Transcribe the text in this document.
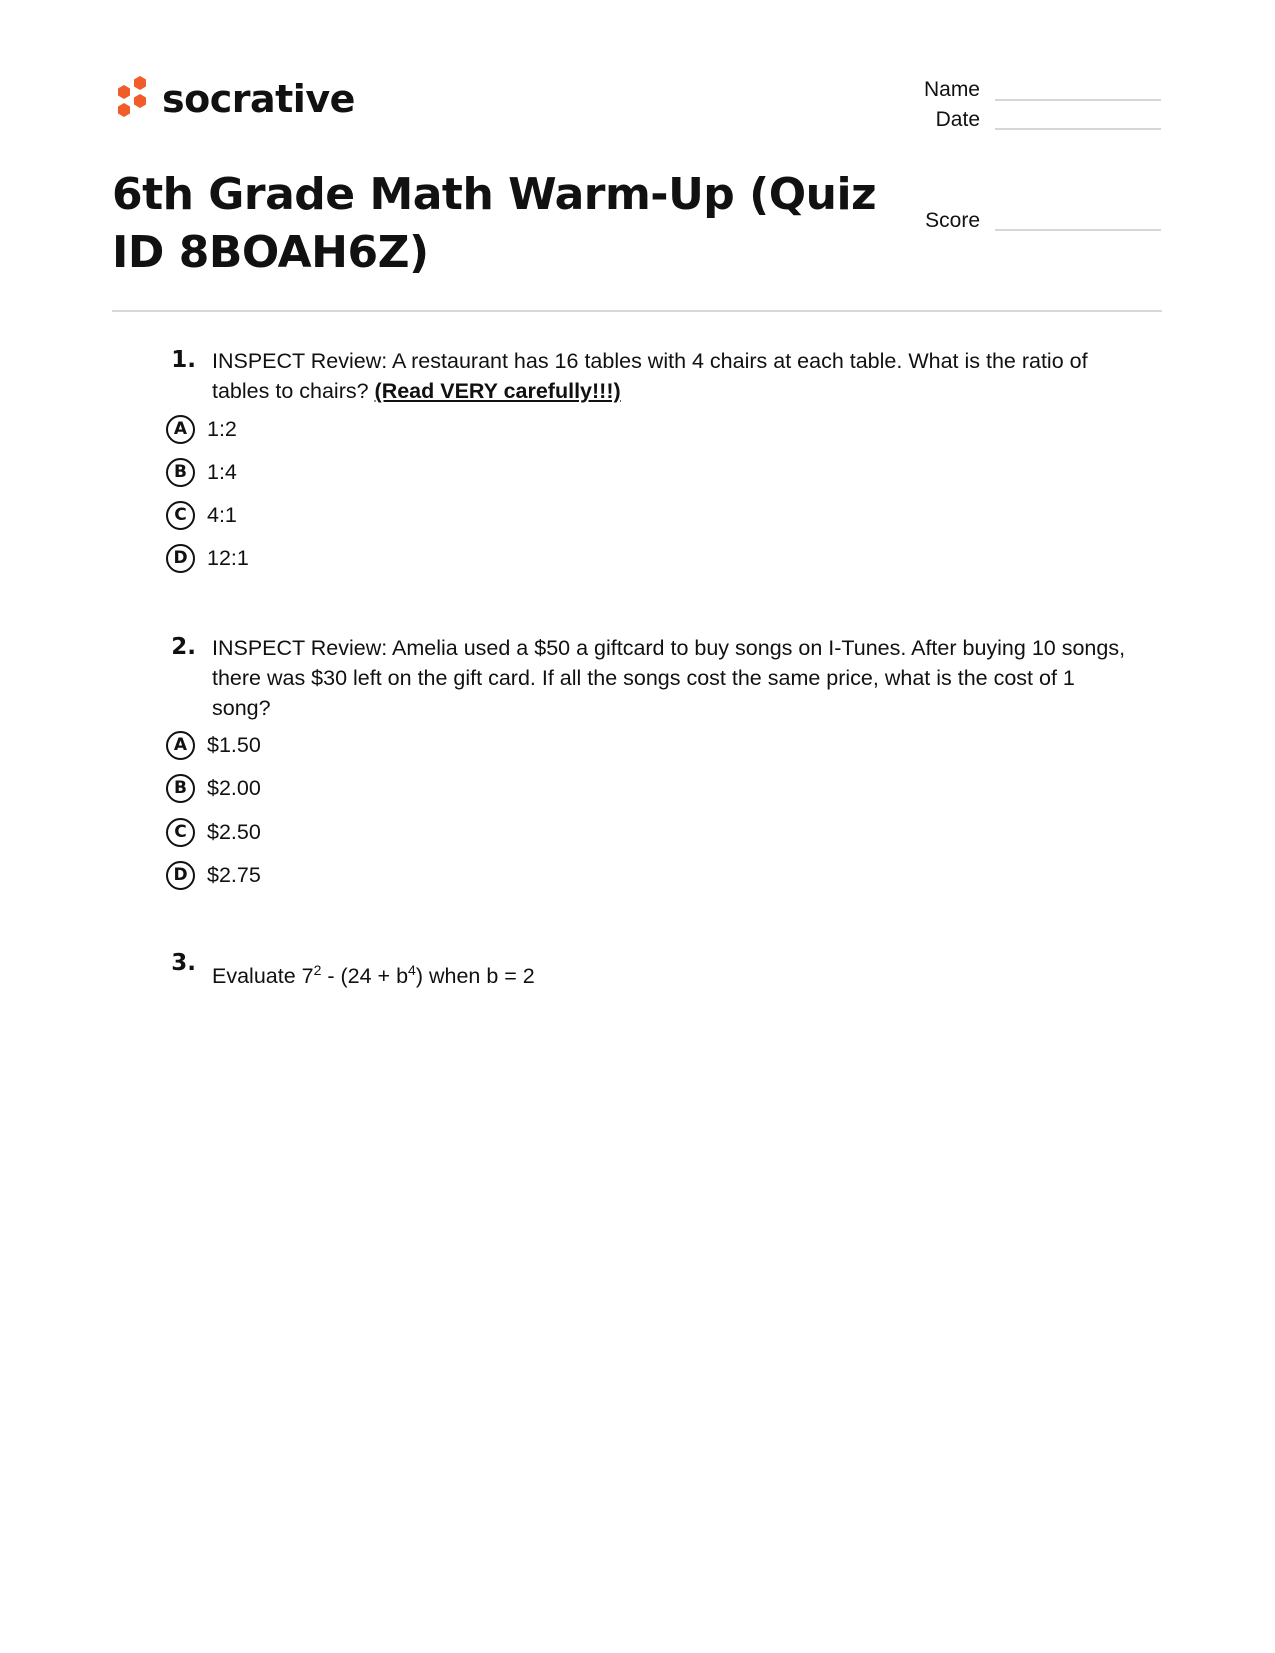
socrative	Name
Date
Score
6th Grade Math Warm-Up (Quiz
ID 8BOAH6Z)
1. INSPECT Review: A restaurant has 16 tables with 4 chairs at each table. What is the ratio of
tables to chairs? (Read VERY carefully!!!)
A 1:2
B 1:4
C 4:1
D 12:1
2. INSPECT Review: Amelia used a $50 a giftcard to buy songs on I-Tunes. After buying 10 songs,
there was $30 left on the gift card. If all the songs cost the same price, what is the cost of 1
song?
A $1.50
B $2.00
C $2.50
D $2.75
3.
Evaluate $7^2 - (24 + b^4)$ when b = 2
